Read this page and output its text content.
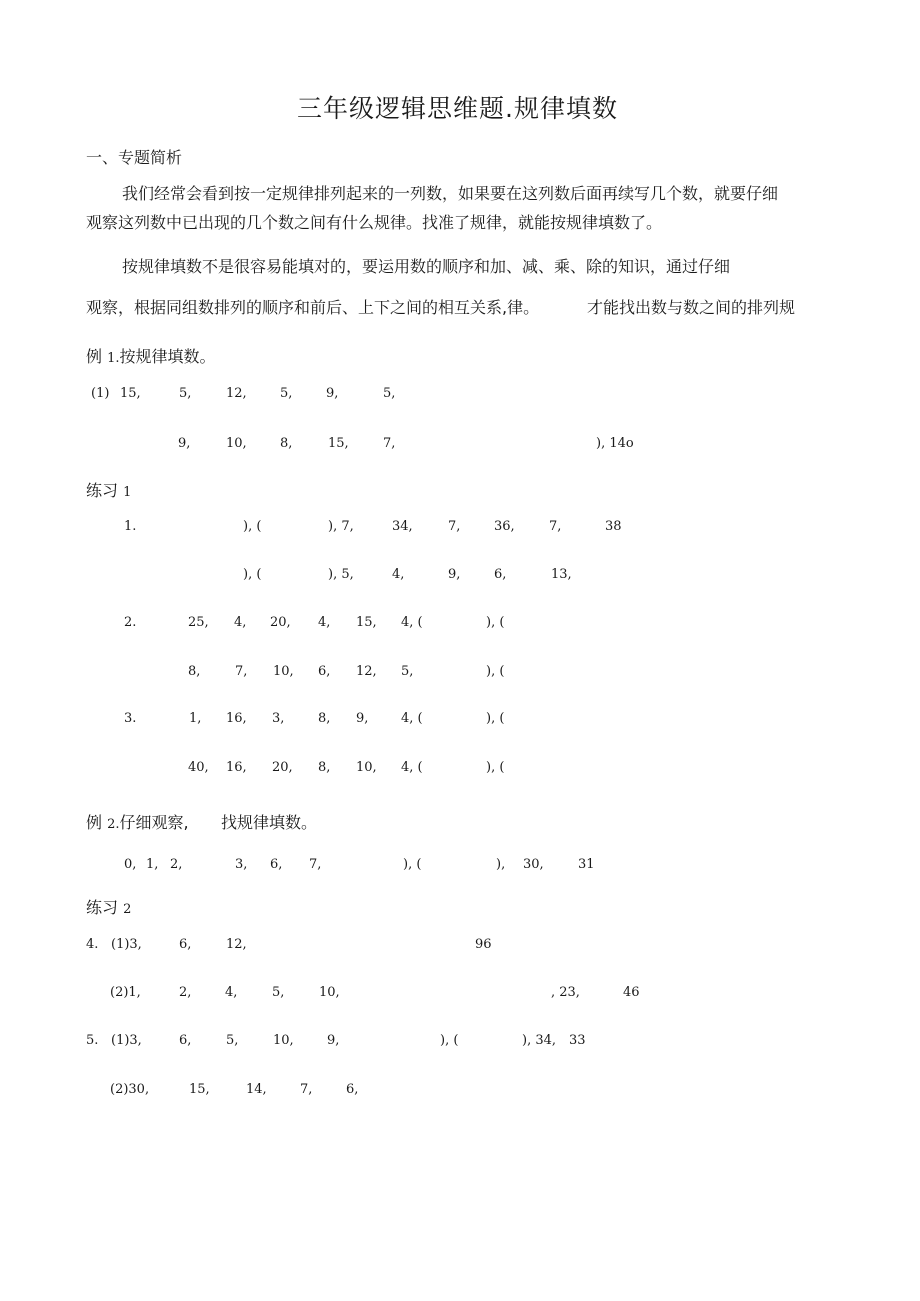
三年级逻辑思维题.规律填数
一、专题简析
我们经常会看到按一定规律排列起来的一列数，如果要在这列数后面再续写几个数，就要仔细
观察这列数中已出现的几个数之间有什么规律。找准了规律，就能按规律填数了。
按规律填数不是很容易能填对的，要运用数的顺序和加、减、乘、除的知识，通过仔细
观察，根据同组数排列的顺序和前后、上下之间的相互关系,律。	才能找出数与数之间的排列规
例 1.按规律填数。
(1) 15,	5,	12,	5,	9,	5,
9,	10,	8,	15,	7,	), 14o
练习 1
1.	), (	), 7,	34,	7,	36,	7,	38
), (	), 5,	4,	9,	6,	13,
2.	25, 4, 20, 4, 15, 4, (	), (
8,	7, 10, 6, 12, 5,	), (
3.	1, 16, 3,	8, 9,	4, (	), (
40, 16, 20, 8, 10, 4, (	), (
例 2.仔细观察, 找规律填数。
0, 1, 2,	3, 6, 7,	), (	), 30,	31
练习 2
4. (1)3,	6,	12,	96
(2)1,	2,	4,	5,	10,	, 23,	46
5. (1)3,	6,	5,	10,	9,	), (	), 34, 33
(2)30,	15,	14,	7,	6,
